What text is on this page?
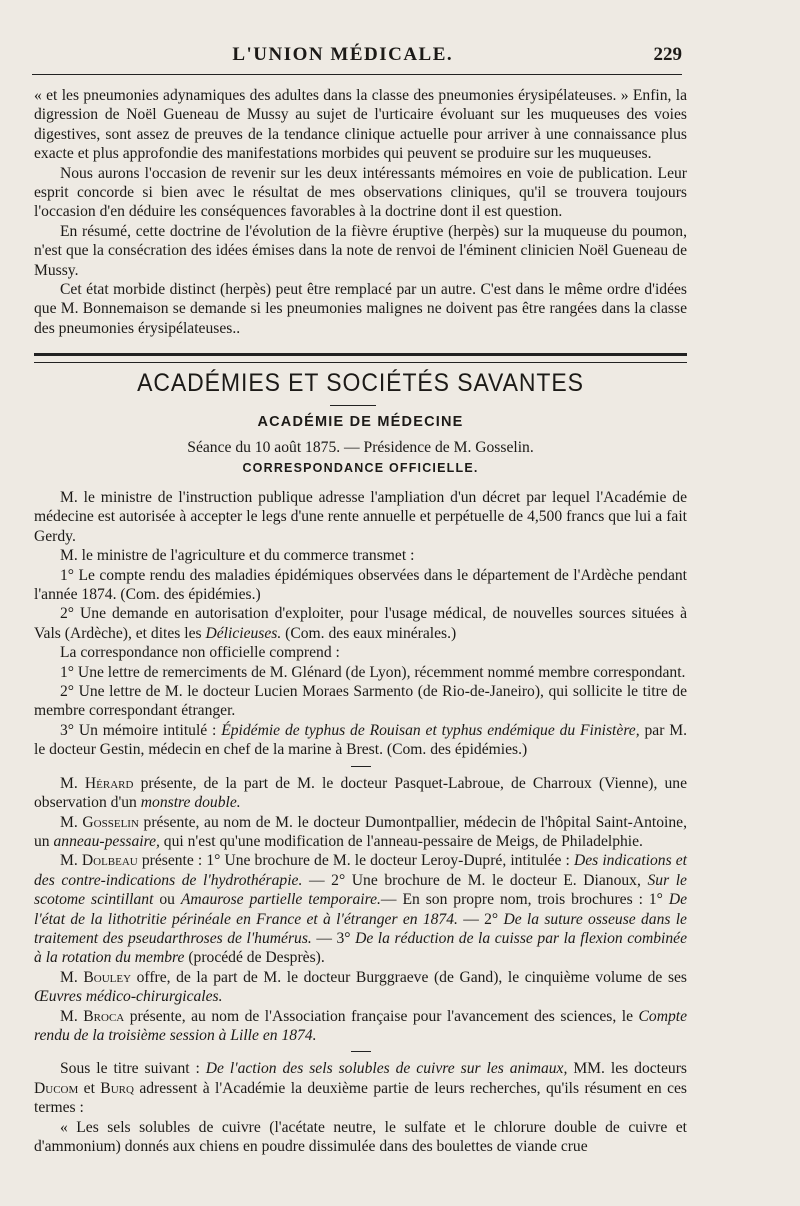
L'UNION MÉDICALE.	229

« et les pneumonies adynamiques des adultes dans la classe des pneumonies érysipélateuses. » Enfin, la digression de Noël Gueneau de Mussy au sujet de l'urticaire évoluant sur les muqueuses des voies digestives, sont assez de preuves de la tendance clinique actuelle pour arriver à une connaissance plus exacte et plus approfondie des manifestations morbides qui peuvent se produire sur les muqueuses.

Nous aurons l'occasion de revenir sur les deux intéressants mémoires en voie de publication. Leur esprit concorde si bien avec le résultat de mes observations cliniques, qu'il se trouvera toujours l'occasion d'en déduire les conséquences favorables à la doctrine dont il est question.

En résumé, cette doctrine de l'évolution de la fièvre éruptive (herpès) sur la muqueuse du poumon, n'est que la consécration des idées émises dans la note de renvoi de l'éminent clinicien Noël Gueneau de Mussy.

Cet état morbide distinct (herpès) peut être remplacé par un autre. C'est dans le même ordre d'idées que M. Bonnemaison se demande si les pneumonies malignes ne doivent pas être rangées dans la classe des pneumonies érysipélateuses..

ACADÉMIES ET SOCIÉTÉS SAVANTES
ACADÉMIE DE MÉDECINE
Séance du 10 août 1875. — Présidence de M. Gosselin.
CORRESPONDANCE OFFICIELLE.

M. le ministre de l'instruction publique adresse l'ampliation d'un décret par lequel l'Académie de médecine est autorisée à accepter le legs d'une rente annuelle et perpétuelle de 4,500 francs que lui a fait Gerdy.

M. le ministre de l'agriculture et du commerce transmet :

1° Le compte rendu des maladies épidémiques observées dans le département de l'Ardèche pendant l'année 1874. (Com. des épidémies.)

2° Une demande en autorisation d'exploiter, pour l'usage médical, de nouvelles sources situées à Vals (Ardèche), et dites les Délicieuses. (Com. des eaux minérales.)

La correspondance non officielle comprend :

1° Une lettre de remerciments de M. Glénard (de Lyon), récemment nommé membre correspondant.

2° Une lettre de M. le docteur Lucien Moraes Sarmento (de Rio-de-Janeiro), qui sollicite le titre de membre correspondant étranger.

3° Un mémoire intitulé : Épidémie de typhus de Rouisan et typhus endémique du Finistère, par M. le docteur Gestin, médecin en chef de la marine à Brest. (Com. des épidémies.)

M. Hérard présente, de la part de M. le docteur Pasquet-Labroue, de Charroux (Vienne), une observation d'un monstre double.

M. Gosselin présente, au nom de M. le docteur Dumontpallier, médecin de l'hôpital Saint-Antoine, un anneau-pessaire, qui n'est qu'une modification de l'anneau-pessaire de Meigs, de Philadelphie.

M. Dolbeau présente : 1° Une brochure de M. le docteur Leroy-Dupré, intitulée : Des indications et des contre-indications de l'hydrothérapie. — 2° Une brochure de M. le docteur E. Dianoux, Sur le scotome scintillant ou Amaurose partielle temporaire.— En son propre nom, trois brochures : 1° De l'état de la lithotritie périnéale en France et à l'étranger en 1874. — 2° De la suture osseuse dans le traitement des pseudarthroses de l'humérus. — 3° De la réduction de la cuisse par la flexion combinée à la rotation du membre (procédé de Desprès).

M. Bouley offre, de la part de M. le docteur Burggraeve (de Gand), le cinquième volume de ses Œuvres médico-chirurgicales.

M. Broca présente, au nom de l'Association française pour l'avancement des sciences, le Compte rendu de la troisième session à Lille en 1874.

Sous le titre suivant : De l'action des sels solubles de cuivre sur les animaux, MM. les docteurs Ducom et Burq adressent à l'Académie la deuxième partie de leurs recherches, qu'ils résument en ces termes :

« Les sels solubles de cuivre (l'acétate neutre, le sulfate et le chlorure double de cuivre et d'ammonium) donnés aux chiens en poudre dissimulée dans des boulettes de viande crue
